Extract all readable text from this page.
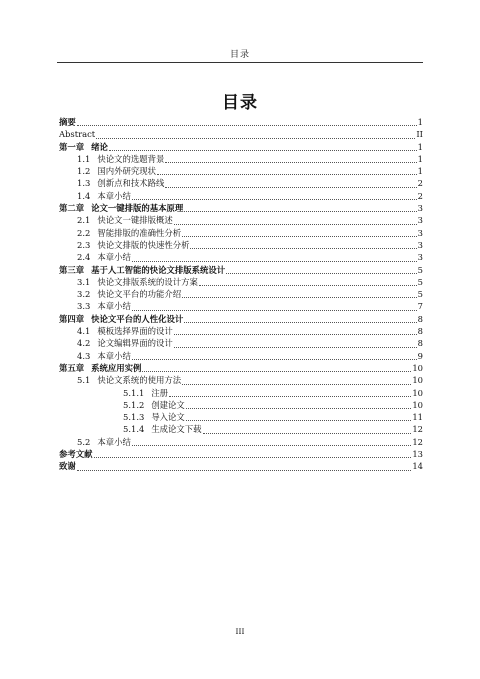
目录
目录
摘要	1
Abstract	II
第一章 绪论	1
1.1 快论文的选题背景	1
1.2 国内外研究现状	1
1.3 创新点和技术路线	2
1.4 本章小结	2
第二章 论文一键排版的基本原理	3
2.1 快论文一键排版概述	3
2.2 智能排版的准确性分析	3
2.3 快论文排版的快速性分析	3
2.4 本章小结	3
第三章 基于人工智能的快论文排版系统设计	5
3.1 快论文排版系统的设计方案	5
3.2 快论文平台的功能介绍	5
3.3 本章小结	7
第四章 快论文平台的人性化设计	8
4.1 模板选择界面的设计	8
4.2 论文编辑界面的设计	8
4.3 本章小结	9
第五章 系统应用实例	10
5.1 快论文系统的使用方法	10
5.1.1 注册	10
5.1.2 创建论文	10
5.1.3 导入论文	11
5.1.4 生成论文下载	12
5.2 本章小结	12
参考文献	13
致谢	14
III
